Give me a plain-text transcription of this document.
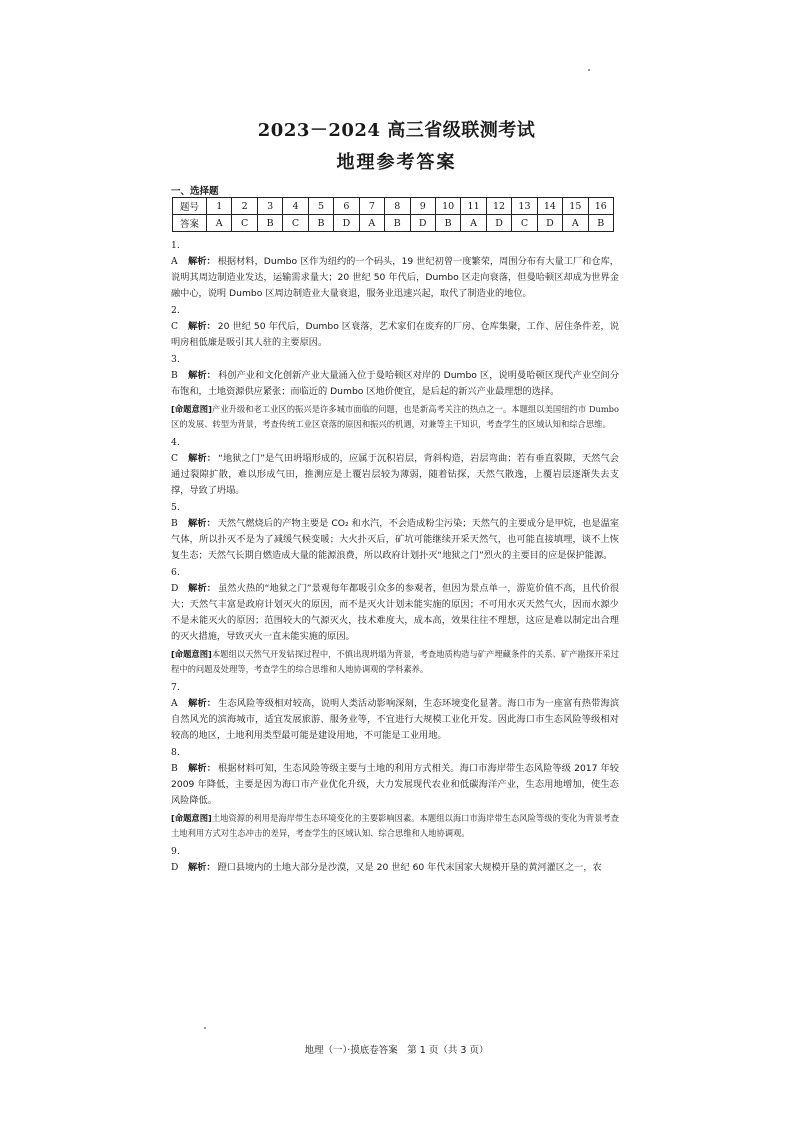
2023－2024 高三省级联测考试
地理参考答案
一、选择题
题号	1	2	3	4	5	6	7	8	9	10	11	12	13	14	15	16
答案	A	C	B	C	B	D	A	B	D	B	A	D	C	D	A	B
1. A 解析： 根据材料，Dumbo 区作为纽约的一个码头，19 世纪初曾一度繁荣，周围分布有大量工厂和仓库，说明其周边制造业发达，运输需求量大；20 世纪 50 年代后，Dumbo 区走向衰落，但曼哈顿区却成为世界金融中心，说明 Dumbo 区周边制造业大量衰退，服务业迅速兴起，取代了制造业的地位。
2. C 解析： 20 世纪 50 年代后，Dumbo 区衰落，艺术家们在废弃的厂房、仓库集聚，工作、居住条件差，说明房租低廉是吸引其人驻的主要原因。
3. B 解析： 科创产业和文化创新产业大量涌入位于曼哈顿区对岸的 Dumbo 区，说明曼哈顿区现代产业空间分布饱和，土地资源供应紧张；而临近的 Dumbo 区地价便宜，是后起的新兴产业最理想的选择。
[命题意图]产业升级和老工业区的振兴是许多城市面临的问题，也是新高考关注的热点之一。本题组以美国纽约市 Dumbo 区的发展、转型为背景，考查传统工业区衰落的原因和振兴的机遇，对兼等主干知识，考查学生的区域认知和综合思维。
4. C 解析： “地狱之门”是气田坍塌形成的，应属于沉积岩层，背斜构造，岩层弯曲；若有垂直裂隙，天然气会通过裂隙扩散，难以形成气田，推测应是上覆岩层较为薄弱，随着钻探，天然气散逸，上覆岩层逐渐失去支撑，导致了坍塌。
5. B 解析： 天然气燃烧后的产物主要是 CO₂ 和水汽，不会造成粉尘污染；天然气的主要成分是甲烷，也是温室气体，所以扑灭不是为了减缓气候变暖；大火扑灭后，矿坑可能继续开采天然气，也可能直接填埋，谈不上恢复生态；天然气长期自燃造成大量的能源浪费，所以政府计划扑灭“地狱之门”烈火的主要目的应是保护能源。
6. D 解析： 虽然火热的“地狱之门”景观每年都吸引众多的参观者，但因为景点单一，游览价值不高，且代价很大；天然气丰富是政府计划灭火的原因，而不是灭火计划未能实施的原因；不可用水灭天然气火，因而水源少不是未能灭火的原因；范围较大的气源灭火，技术难度大，成本高，效果往往不理想，这应是难以制定出合理的灭火措施，导致灭火一直未能实施的原因。
[命题意图]本题组以天然气开发钻探过程中，不慎出现坍塌为背景，考查地质构造与矿产埋藏条件的关系、矿产勘探开采过程中的问题及处理等，考查学生的综合思维和人地协调观的学科素养。
7. A 解析： 生态风险等级相对较高，说明人类活动影响深刻，生态环境变化显著。海口市为一座富有热带海滨自然风光的滨海城市，适宜发展旅游、服务业等，不宜进行大规模工业化开发。因此海口市生态风险等级相对较高的地区，土地利用类型最可能是建设用地，不可能是工业用地。
8. B 解析： 根据材料可知，生态风险等级主要与土地的利用方式相关。海口市海岸带生态风险等级 2017 年较 2009 年降低，主要是因为海口市产业优化升级，大力发展现代农业和低碳海洋产业，生态用地增加，使生态风险降低。
[命题意图]土地资源的利用是海岸带生态环境变化的主要影响因素。本题组以海口市海岸带生态风险等级的变化为背景考查土地利用方式对生态冲击的差异，考查学生的区域认知、综合思维和人地协调观。
9. D 解析： 蹬口县境内的土地大部分是沙漠，又是 20 世纪 60 年代末国家大规模开垦的黄河灌区之一，农
地理（一）·摸底卷答案　第 1 页（共 3 页）
